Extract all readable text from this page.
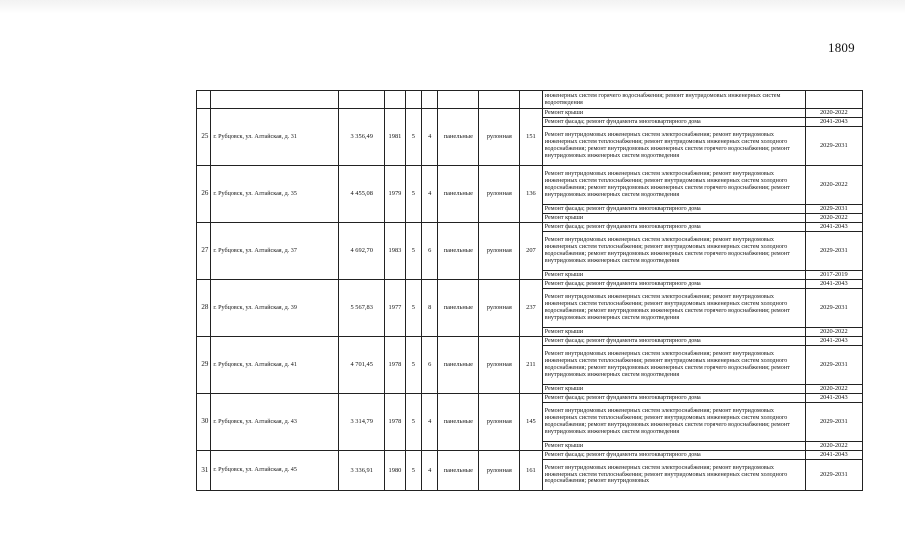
1809
									инженерных систем горячего водоснабжения; ремонт внутридомовых инженерных систем водоотведения	
25	г. Рубцовск, ул. Алтайская, д. 31	3 356,49	1981	5	4	панельные	рулонная	151	Ремонт крыши	2020-2022
									Ремонт фасада; ремонт фундамента многоквартирного дома	2041-2043
									Ремонт внутридомовых инженерных систем электроснабжения; ремонт внутридомовых инженерных систем теплоснабжения; ремонт внутридомовых инженерных систем холодного водоснабжения; ремонт внутридомовых инженерных систем горячего водоснабжения; ремонт внутридомовых инженерных систем водоотведения	2029-2031
26	г. Рубцовск, ул. Алтайская, д. 35	4 455,08	1979	5	4	панельные	рулонная	136	Ремонт внутридомовых инженерных систем электроснабжения; ремонт внутридомовых инженерных систем теплоснабжения; ремонт внутридомовых инженерных систем холодного водоснабжения; ремонт внутридомовых инженерных систем горячего водоснабжения; ремонт внутридомовых инженерных систем водоотведения	2020-2022
									Ремонт фасада; ремонт фундамента многоквартирного дома	2029-2031
									Ремонт крыши	2020-2022
27	г. Рубцовск, ул. Алтайская, д. 37	4 692,70	1983	5	6	панельные	рулонная	207	Ремонт фасада; ремонт фундамента многоквартирного дома	2041-2043
									Ремонт внутридомовых инженерных систем электроснабжения; ремонт внутридомовых инженерных систем теплоснабжения; ремонт внутридомовых инженерных систем холодного водоснабжения; ремонт внутридомовых инженерных систем горячего водоснабжения; ремонт внутридомовых инженерных систем водоотведения	2029-2031
									Ремонт крыши	2017-2019
28	г. Рубцовск, ул. Алтайская, д. 39	5 567,83	1977	5	8	панельные	рулонная	237	Ремонт фасада; ремонт фундамента многоквартирного дома	2041-2043
									Ремонт внутридомовых инженерных систем электроснабжения; ремонт внутридомовых инженерных систем теплоснабжения; ремонт внутридомовых инженерных систем холодного водоснабжения; ремонт внутридомовых инженерных систем горячего водоснабжения; ремонт внутридомовых инженерных систем водоотведения	2029-2031
									Ремонт крыши	2020-2022
29	г. Рубцовск, ул. Алтайская, д. 41	4 701,45	1978	5	6	панельные	рулонная	211	Ремонт фасада; ремонт фундамента многоквартирного дома	2041-2043
									Ремонт внутридомовых инженерных систем электроснабжения; ремонт внутридомовых инженерных систем теплоснабжения; ремонт внутридомовых инженерных систем холодного водоснабжения; ремонт внутридомовых инженерных систем горячего водоснабжения; ремонт внутридомовых инженерных систем водоотведения	2029-2031
									Ремонт крыши	2020-2022
30	г. Рубцовск, ул. Алтайская, д. 43	3 314,79	1978	5	4	панельные	рулонная	145	Ремонт фасада; ремонт фундамента многоквартирного дома	2041-2043
									Ремонт внутридомовых инженерных систем электроснабжения; ремонт внутридомовых инженерных систем теплоснабжения; ремонт внутридомовых инженерных систем холодного водоснабжения; ремонт внутридомовых инженерных систем горячего водоснабжения; ремонт внутридомовых инженерных систем водоотведения	2029-2031
									Ремонт крыши	2020-2022
31	г. Рубцовск, ул. Алтайская, д. 45	3 336,91	1980	5	4	панельные	рулонная	161	Ремонт фасада; ремонт фундамента многоквартирного дома	2041-2043
									Ремонт внутридомовых инженерных систем электроснабжения; ремонт внутридомовых инженерных систем теплоснабжения; ремонт внутридомовых инженерных систем холодного водоснабжения; ремонт внутридомовых	2029-2031
